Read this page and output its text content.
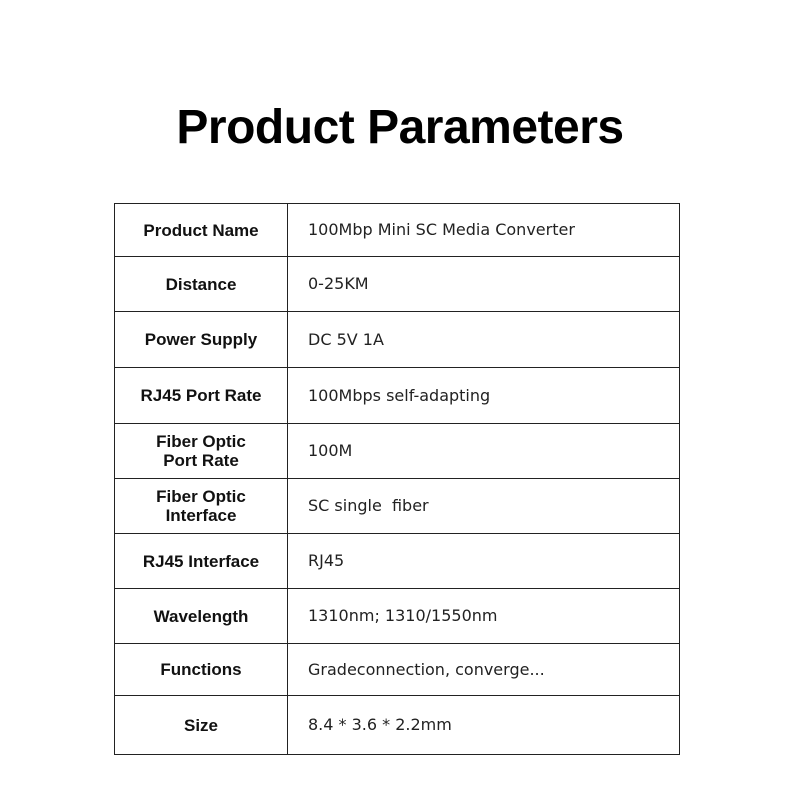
Product Parameters
Product Name	100Mbp Mini SC Media Converter

Distance	0-25KM

Power Supply	DC 5V 1A

RJ45 Port Rate	100Mbps self-adapting

Fiber Optic
Port Rate	100M

Fiber Optic
Interface	SC single  fiber

RJ45 Interface	RJ45

Wavelength	1310nm; 1310/1550nm

Functions	Gradeconnection, converge...

Size	8.4 * 3.6 * 2.2mm
